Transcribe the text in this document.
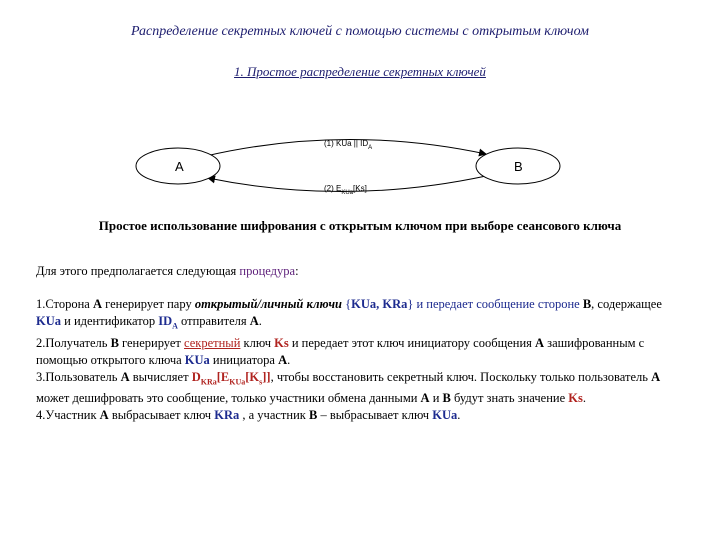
Распределение секретных ключей с помощью системы с открытым ключом
1. Простое распределение секретных ключей
A	B
(1) KUa || $ID_A$
(2) $E_{KUa}[Ks]$
Простое использование шифрования с открытым ключом при выборе сеансового ключа

Для этого предполагается следующая процедура:

1.Сторона A генерирует пару открытый/личный ключи {KUa, KRa} и передает сообщение стороне B, содержащее KUa и идентификатор $ID_A$ отправителя A.

2.Получатель B генерирует секретный ключ Ks и передает этот ключ инициатору сообщения A зашифрованным с помощью открытого ключа KUa инициатора A.

3.Пользователь A вычисляет $D_{KRa}[E_{KUa}[K_s]]$, чтобы восстановить секретный ключ. Поскольку только пользователь A может дешифровать это сообщение, только участники обмена данными A и B будут знать значение Ks.

4.Участник A выбрасывает ключ KRa , а участник B – выбрасывает ключ KUa.
